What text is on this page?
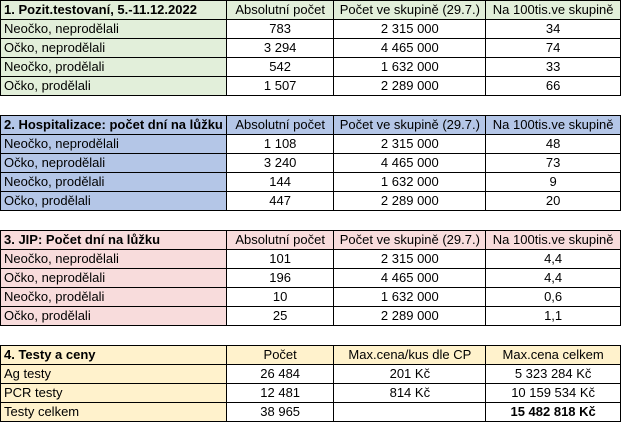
1. Pozit.testovaní, 5.-11.12.2022	Absolutní počet	Počet ve skupině (29.7.)	Na 100tis.ve skupině
Neočko, neprodělali	783	2 315 000	34
Očko, neprodělali	3 294	4 465 000	74
Neočko, prodělali	542	1 632 000	33
Očko, prodělali	1 507	2 289 000	66

2. Hospitalizace: počet dní na lůžku	Absolutní počet	Počet ve skupině (29.7.)	Na 100tis.ve skupině
Neočko, neprodělali	1 108	2 315 000	48
Očko, neprodělali	3 240	4 465 000	73
Neočko, prodělali	144	1 632 000	9
Očko, prodělali	447	2 289 000	20

3. JIP: Počet dní na lůžku	Absolutní počet	Počet ve skupině (29.7.)	Na 100tis.ve skupině
Neočko, neprodělali	101	2 315 000	4,4
Očko, neprodělali	196	4 465 000	4,4
Neočko, prodělali	10	1 632 000	0,6
Očko, prodělali	25	2 289 000	1,1

4. Testy a ceny	Počet	Max.cena/kus dle CP	Max.cena celkem
Ag testy	26 484	201 Kč	5 323 284 Kč
PCR testy	12 481	814 Kč	10 159 534 Kč
Testy celkem	38 965		15 482 818 Kč
